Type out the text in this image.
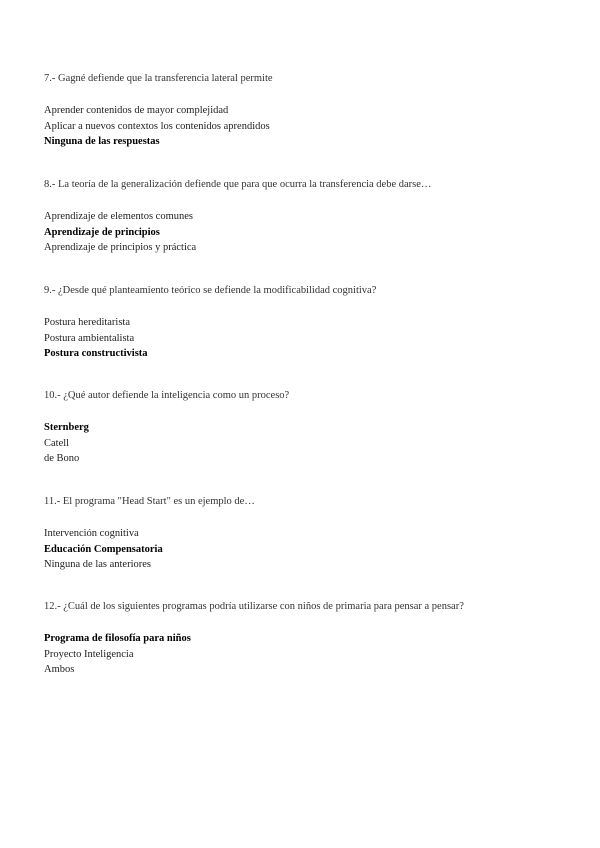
7.- Gagné defiende que la transferencia lateral permite

Aprender contenidos de mayor complejidad
Aplicar a nuevos contextos los contenidos aprendidos
Ninguna de las respuestas

8.- La teoría de la generalización defiende que para que ocurra la transferencia debe darse…

Aprendizaje de elementos comunes
Aprendizaje de principios
Aprendizaje de principios y práctica

9.- ¿Desde qué planteamiento teórico se defiende la modificabilidad cognitiva?

Postura hereditarista
Postura ambientalista
Postura constructivista

10.- ¿Qué autor defiende la inteligencia como un proceso?

Sternberg
Catell
de Bono

11.- El programa "Head Start" es un ejemplo de…

Intervención cognitiva
Educación Compensatoria
Ninguna de las anteriores

12.- ¿Cuál de los siguientes programas podría utilizarse con niños de primaria para pensar a pensar?

Programa de filosofía para niños
Proyecto Inteligencia
Ambos
